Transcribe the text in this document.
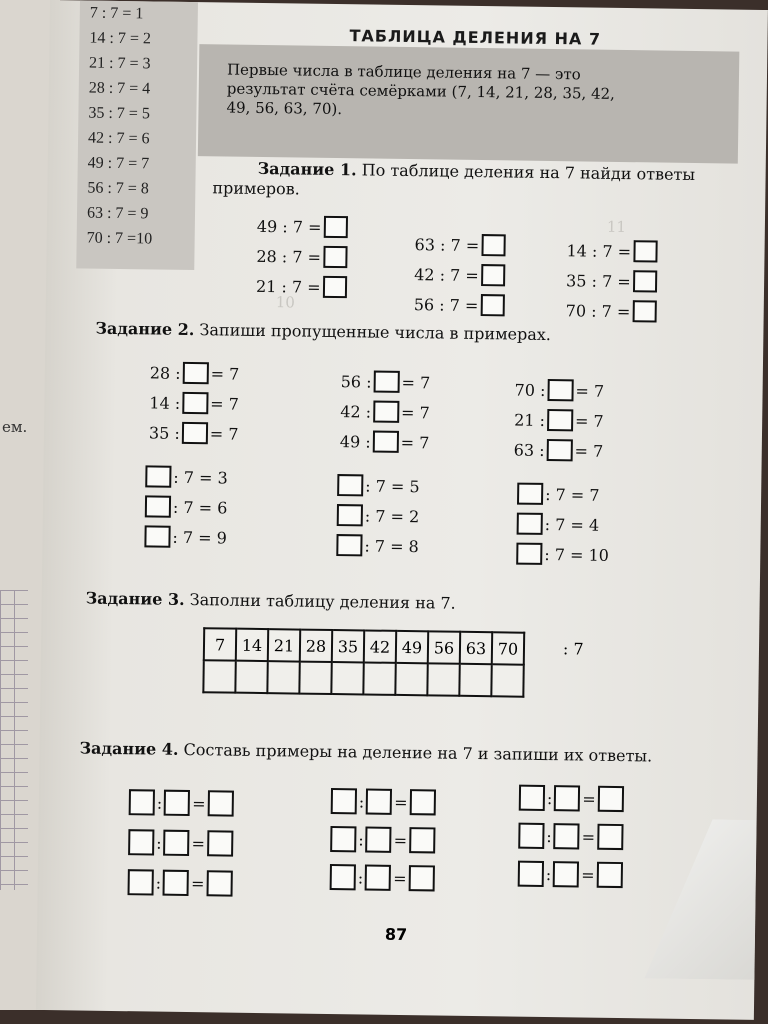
ем.
11
10
7 : 7 = 1
14 : 7 = 2
21 : 7 = 3
28 : 7 = 4
35 : 7 = 5
42 : 7 = 6
49 : 7 = 7
56 : 7 = 8
63 : 7 = 9
70 : 7 =10
ТАБЛИЦА ДЕЛЕНИЯ НА 7
Первые числа в таблице деления на 7 — это
результат счёта семёрками (7, 14, 21, 28, 35, 42,
49, 56, 63, 70).
Задание 1. По таблице деления на 7 найди ответы
примеров.
49 : 7 =
28 : 7 =
21 : 7 =
63 : 7 =
42 : 7 =
56 : 7 =
14 : 7 =
35 : 7 =
70 : 7 =
Задание 2. Запиши пропущенные числа в примерах.
28 : = 7
14 : = 7
35 : = 7
56 : = 7
42 : = 7
49 : = 7
70 : = 7
21 : = 7
63 : = 7
: 7 = 3
: 7 = 6
: 7 = 9
: 7 = 5
: 7 = 2
: 7 = 8
: 7 = 7
: 7 = 4
: 7 = 10
Задание 3. Заполни таблицу деления на 7.
7	14	21	28	35	42	49	56	63	70
										: 7
Задание 4. Составь примеры на деление на 7 и запиши их ответы.
: =
: =
: =
: =
: =
: =
: =
: =
: =
87
